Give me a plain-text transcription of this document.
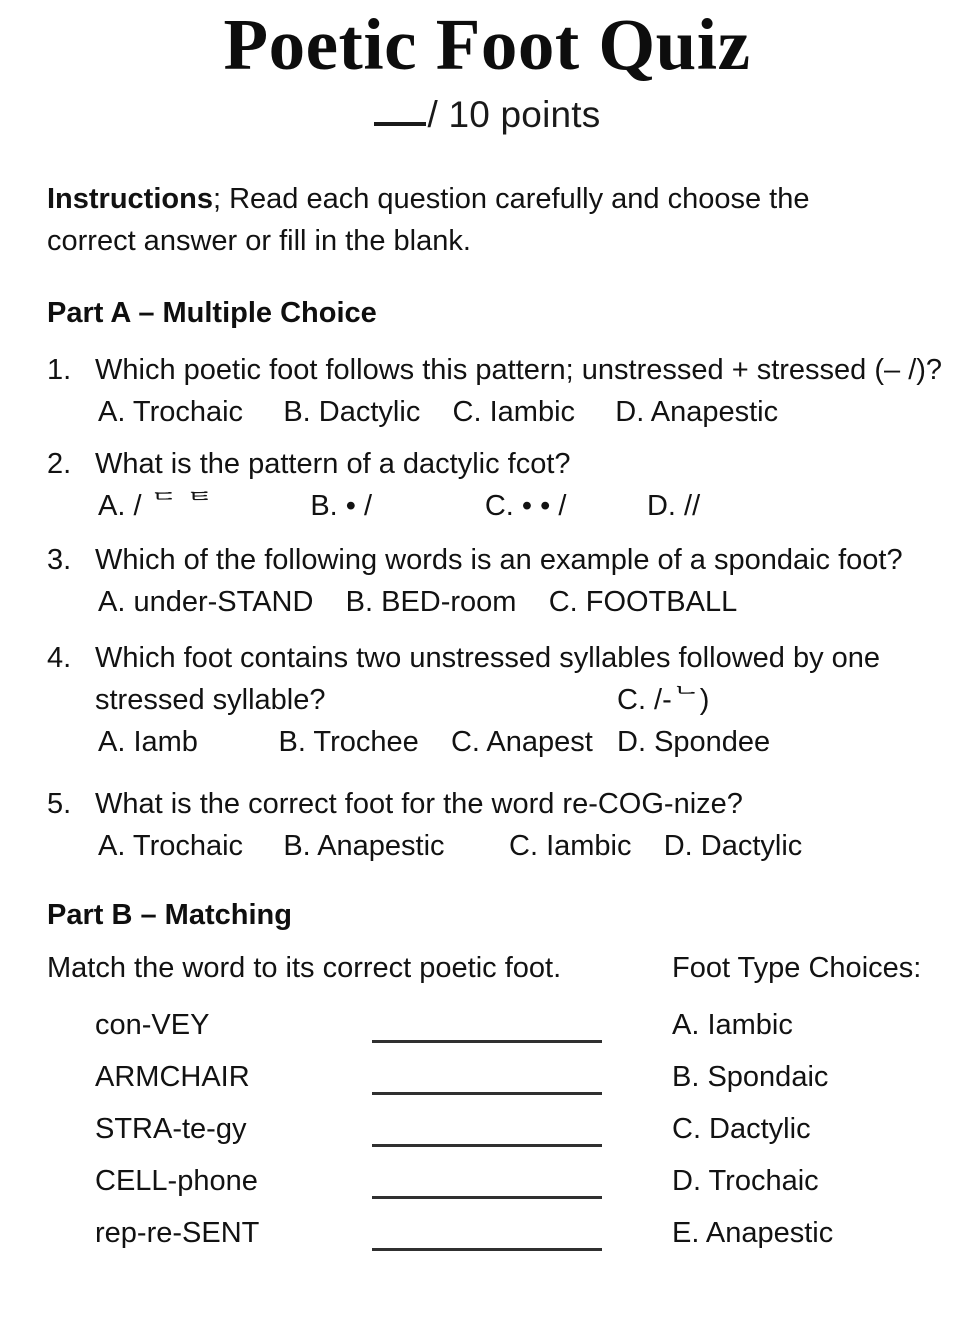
Poetic Foot Quiz
/ 10 points
Instructions; Read each question carefully and choose the correct answer or fill in the blank.
Part A – Multiple Choice
1. Which poetic foot follows this pattern; unstressed + stressed (– /)?
A. Trochaic     B. Dactylic    C. Iambic     D. Anapestic
2. What is the pattern of a dactylic fcot?
A. / ᄃ ᄐ            B. • /              C. • • /          D. //
3. Which of the following words is an example of a spondaic foot?
A. under-STAND    B. BED-room    C. FOOTBALL
4. Which foot contains two unstressed syllables followed by one stressed syllable?	C. /-ᄂ)
A. Iamb          B. Trochee    C. Anapest   D. Spondee
5. What is the correct foot for the word re-COG-nize?
A. Trochaic     B. Anapestic        C. Iambic    D. Dactylic
Part B – Matching
Match the word to its correct poetic foot.	Foot Type Choices:
con-VEY	A. Iambic
ARMCHAIR	B. Spondaic
STRA-te-gy	C. Dactylic
CELL-phone	D. Trochaic
rep-re-SENT	E. Anapestic
